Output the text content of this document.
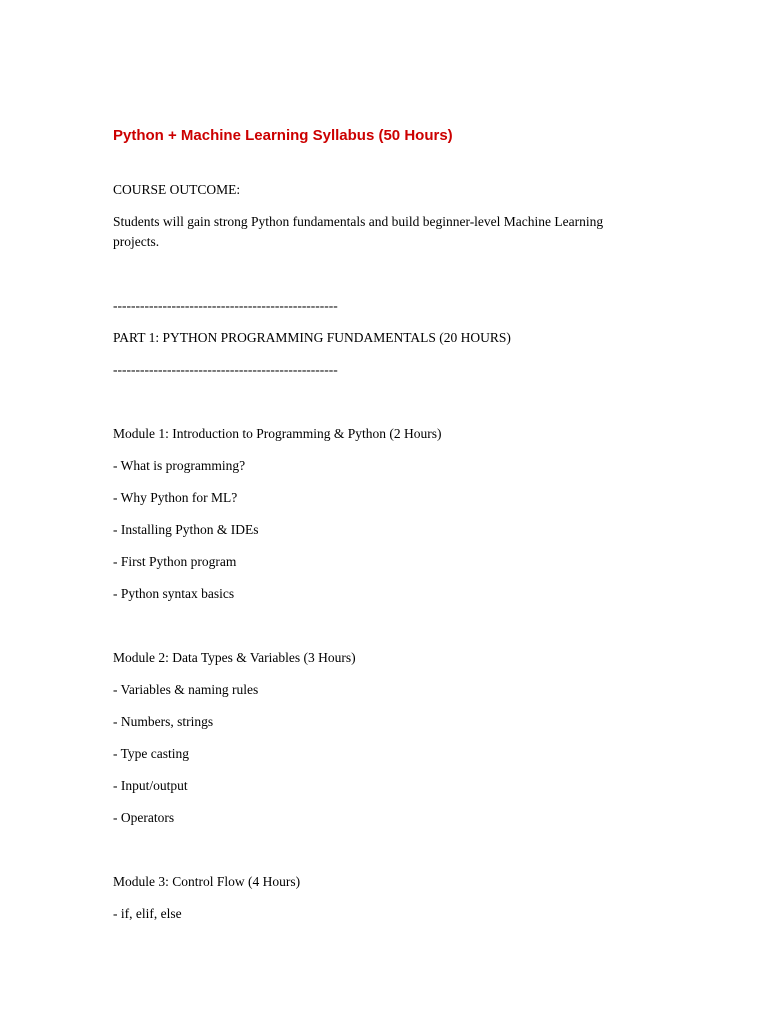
Python + Machine Learning Syllabus (50 Hours)
COURSE OUTCOME:
Students will gain strong Python fundamentals and build beginner-level Machine Learning projects.
--------------------------------------------------
PART 1: PYTHON PROGRAMMING FUNDAMENTALS (20 HOURS)
--------------------------------------------------
Module 1: Introduction to Programming & Python (2 Hours)
- What is programming?
- Why Python for ML?
- Installing Python & IDEs
- First Python program
- Python syntax basics
Module 2: Data Types & Variables (3 Hours)
- Variables & naming rules
- Numbers, strings
- Type casting
- Input/output
- Operators
Module 3: Control Flow (4 Hours)
- if, elif, else
